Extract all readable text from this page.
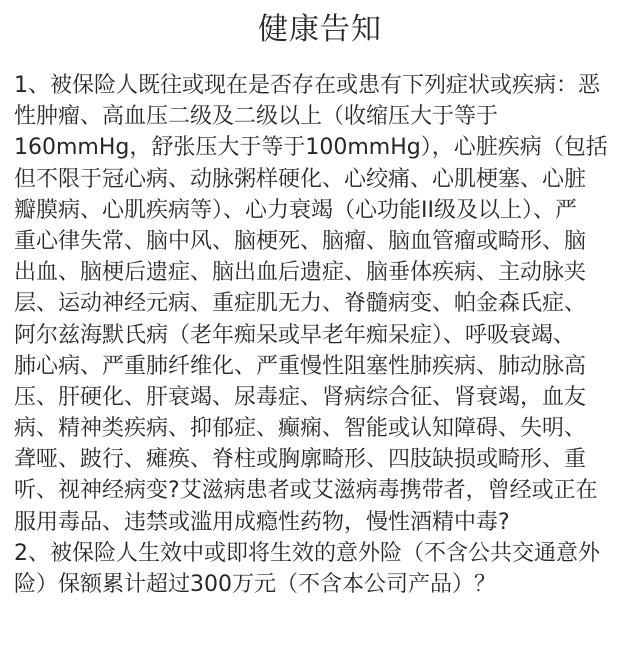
健康告知
1、被保险人既往或现在是否存在或患有下列症状或疾病：恶
性肿瘤、高血压二级及二级以上（收缩压大于等于
160mmHg，舒张压大于等于100mmHg），心脏疾病（包括
但不限于冠心病、动脉粥样硬化、心绞痛、心肌梗塞、心脏
瓣膜病、心肌疾病等）、心力衰竭（心功能II级及以上）、严
重心律失常、脑中风、脑梗死、脑瘤、脑血管瘤或畸形、脑
出血、脑梗后遗症、脑出血后遗症、脑垂体疾病、主动脉夹
层、运动神经元病、重症肌无力、脊髓病变、帕金森氏症、
阿尔兹海默氏病（老年痴呆或早老年痴呆症）、呼吸衰竭、
肺心病、严重肺纤维化、严重慢性阻塞性肺疾病、肺动脉高
压、肝硬化、肝衰竭、尿毒症、肾病综合征、肾衰竭，血友
病、精神类疾病、抑郁症、癫痫、智能或认知障碍、失明、
聋哑、跛行、瘫痪、脊柱或胸廓畸形、四肢缺损或畸形、重
听、视神经病变?艾滋病患者或艾滋病毒携带者，曾经或正在
服用毒品、违禁或滥用成瘾性药物，慢性酒精中毒?
2、被保险人生效中或即将生效的意外险（不含公共交通意外
险）保额累计超过300万元（不含本公司产品）？
